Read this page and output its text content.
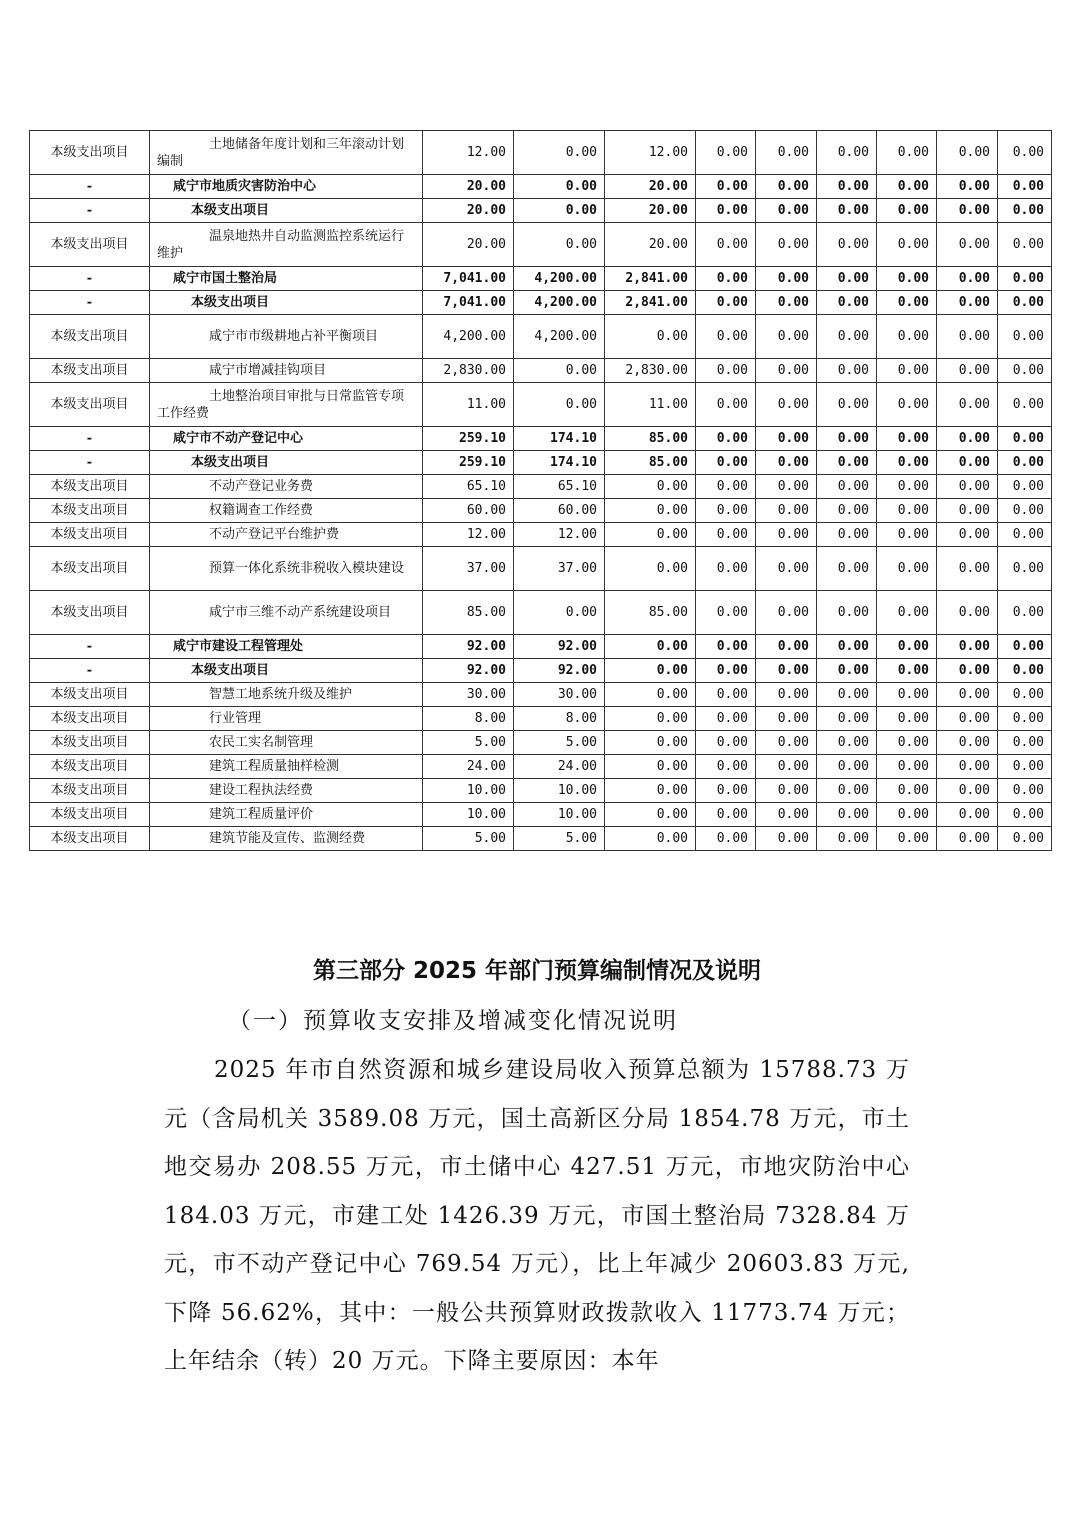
本级支出项目	土地储备年度计划和三年滚动计划编制	12.00	0.00	12.00	0.00	0.00	0.00	0.00	0.00	0.00
-	咸宁市地质灾害防治中心	20.00	0.00	20.00	0.00	0.00	0.00	0.00	0.00	0.00
-	本级支出项目	20.00	0.00	20.00	0.00	0.00	0.00	0.00	0.00	0.00
本级支出项目	温泉地热井自动监测监控系统运行维护	20.00	0.00	20.00	0.00	0.00	0.00	0.00	0.00	0.00
-	咸宁市国土整治局	7,041.00	4,200.00	2,841.00	0.00	0.00	0.00	0.00	0.00	0.00
-	本级支出项目	7,041.00	4,200.00	2,841.00	0.00	0.00	0.00	0.00	0.00	0.00
本级支出项目	咸宁市市级耕地占补平衡项目	4,200.00	4,200.00	0.00	0.00	0.00	0.00	0.00	0.00	0.00
本级支出项目	咸宁市增减挂钩项目	2,830.00	0.00	2,830.00	0.00	0.00	0.00	0.00	0.00	0.00
本级支出项目	土地整治项目审批与日常监管专项工作经费	11.00	0.00	11.00	0.00	0.00	0.00	0.00	0.00	0.00
-	咸宁市不动产登记中心	259.10	174.10	85.00	0.00	0.00	0.00	0.00	0.00	0.00
-	本级支出项目	259.10	174.10	85.00	0.00	0.00	0.00	0.00	0.00	0.00
本级支出项目	不动产登记业务费	65.10	65.10	0.00	0.00	0.00	0.00	0.00	0.00	0.00
本级支出项目	权籍调查工作经费	60.00	60.00	0.00	0.00	0.00	0.00	0.00	0.00	0.00
本级支出项目	不动产登记平台维护费	12.00	12.00	0.00	0.00	0.00	0.00	0.00	0.00	0.00
本级支出项目	预算一体化系统非税收入模块建设	37.00	37.00	0.00	0.00	0.00	0.00	0.00	0.00	0.00
本级支出项目	咸宁市三维不动产系统建设项目	85.00	0.00	85.00	0.00	0.00	0.00	0.00	0.00	0.00
-	咸宁市建设工程管理处	92.00	92.00	0.00	0.00	0.00	0.00	0.00	0.00	0.00
-	本级支出项目	92.00	92.00	0.00	0.00	0.00	0.00	0.00	0.00	0.00
本级支出项目	智慧工地系统升级及维护	30.00	30.00	0.00	0.00	0.00	0.00	0.00	0.00	0.00
本级支出项目	行业管理	8.00	8.00	0.00	0.00	0.00	0.00	0.00	0.00	0.00
本级支出项目	农民工实名制管理	5.00	5.00	0.00	0.00	0.00	0.00	0.00	0.00	0.00
本级支出项目	建筑工程质量抽样检测	24.00	24.00	0.00	0.00	0.00	0.00	0.00	0.00	0.00
本级支出项目	建设工程执法经费	10.00	10.00	0.00	0.00	0.00	0.00	0.00	0.00	0.00
本级支出项目	建筑工程质量评价	10.00	10.00	0.00	0.00	0.00	0.00	0.00	0.00	0.00
本级支出项目	建筑节能及宣传、监测经费	5.00	5.00	0.00	0.00	0.00	0.00	0.00	0.00	0.00
第三部分 2025 年部门预算编制情况及说明
（一）预算收支安排及增减变化情况说明

2025 年市自然资源和城乡建设局收入预算总额为 15788.73 万元（含局机关 3589.08 万元，国土高新区分局 1854.78 万元，市土地交易办 208.55 万元，市土储中心 427.51 万元，市地灾防治中心 184.03 万元，市建工处 1426.39 万元，市国土整治局 7328.84 万元，市不动产登记中心 769.54 万元），比上年减少 20603.83 万元,下降 56.62%，其中：一般公共预算财政拨款收入 11773.74 万元；上年结余（转）20 万元。下降主要原因：本年
